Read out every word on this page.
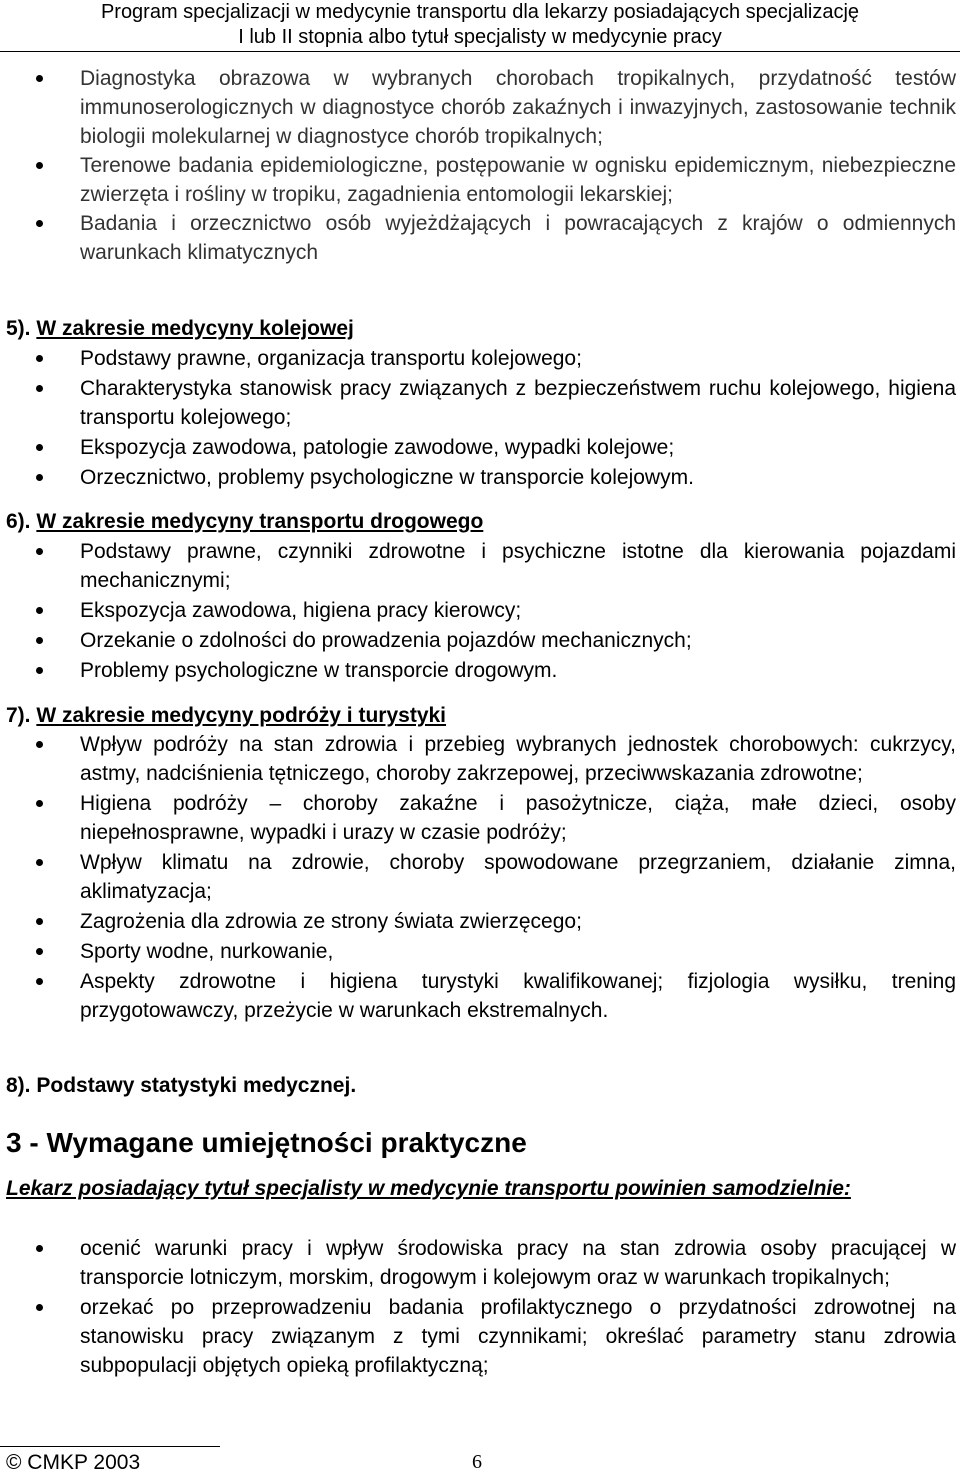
Program specjalizacji w medycynie transportu dla lekarzy posiadających specjalizację

I lub II stopnia albo tytuł specjalisty w medycynie pracy

Diagnostyka obrazowa w wybranych chorobach tropikalnych, przydatność testów immunoserologicznych w diagnostyce chorób zakaźnych i inwazyjnych, zastosowanie technik biologii molekularnej w diagnostyce chorób tropikalnych;
Terenowe badania epidemiologiczne, postępowanie w ognisku epidemicznym, niebezpieczne zwierzęta i rośliny w tropiku, zagadnienia entomologii lekarskiej;
Badania i orzecznictwo osób wyjeżdżających i powracających z krajów o odmiennych warunkach klimatycznych
5). W zakresie medycyny kolejowej
Podstawy prawne, organizacja transportu kolejowego;
Charakterystyka stanowisk pracy związanych z bezpieczeństwem ruchu kolejowego, higiena transportu kolejowego;
Ekspozycja zawodowa, patologie zawodowe, wypadki kolejowe;
Orzecznictwo, problemy psychologiczne w transporcie kolejowym.
6). W zakresie medycyny transportu drogowego
Podstawy prawne, czynniki zdrowotne i psychiczne istotne dla kierowania pojazdami mechanicznymi;
Ekspozycja zawodowa, higiena pracy kierowcy;
Orzekanie o zdolności do prowadzenia pojazdów mechanicznych;
Problemy psychologiczne w transporcie drogowym.
7). W zakresie medycyny podróży i turystyki
Wpływ podróży na stan zdrowia i przebieg wybranych jednostek chorobowych: cukrzycy, astmy, nadciśnienia tętniczego, choroby zakrzepowej, przeciwwskazania zdrowotne;
Higiena podróży – choroby zakaźne i pasożytnicze, ciąża, małe dzieci, osoby niepełnosprawne, wypadki i urazy w czasie podróży;
Wpływ klimatu na zdrowie, choroby spowodowane przegrzaniem, działanie zimna, aklimatyzacja;
Zagrożenia dla zdrowia ze strony świata zwierzęcego;
Sporty wodne, nurkowanie,
Aspekty zdrowotne i higiena turystyki kwalifikowanej; fizjologia wysiłku, trening przygotowawczy, przeżycie w warunkach ekstremalnych.
8). Podstawy statystyki medycznej.
3 - Wymagane umiejętności praktyczne
Lekarz posiadający tytuł specjalisty w medycynie transportu powinien samodzielnie:
ocenić warunki pracy i wpływ środowiska pracy na stan zdrowia osoby pracującej w transporcie lotniczym, morskim, drogowym i kolejowym oraz w warunkach tropikalnych;
orzekać po przeprowadzeniu badania profilaktycznego o przydatności zdrowotnej na stanowisku pracy związanym z tymi czynnikami; określać parametry stanu zdrowia subpopulacji objętych opieką profilaktyczną;
© CMKP 2003	6
